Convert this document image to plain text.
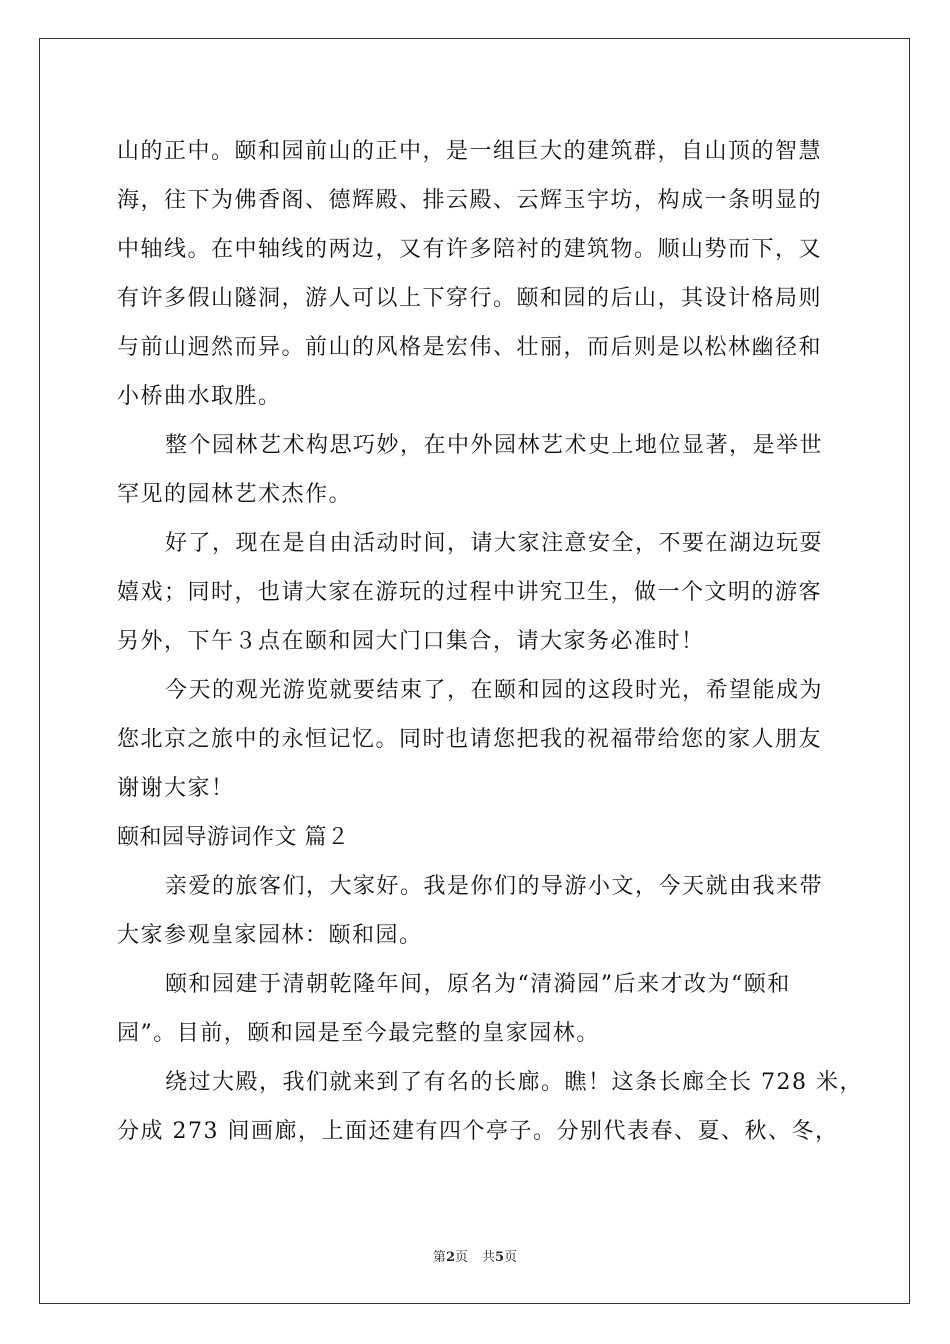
山的正中。颐和园前山的正中，是一组巨大的建筑群，自山顶的智慧
海，往下为佛香阁、德辉殿、排云殿、云辉玉宇坊，构成一条明显的
中轴线。在中轴线的两边，又有许多陪衬的建筑物。顺山势而下，又
有许多假山隧洞，游人可以上下穿行。颐和园的后山，其设计格局则
与前山迥然而异。前山的风格是宏伟、壮丽，而后则是以松林幽径和
小桥曲水取胜。
整个园林艺术构思巧妙，在中外园林艺术史上地位显著，是举世
罕见的园林艺术杰作。
好了，现在是自由活动时间，请大家注意安全，不要在湖边玩耍
嬉戏；同时，也请大家在游玩的过程中讲究卫生，做一个文明的游客
另外，下午３点在颐和园大门口集合，请大家务必准时！
今天的观光游览就要结束了，在颐和园的这段时光，希望能成为
您北京之旅中的永恒记忆。同时也请您把我的祝福带给您的家人朋友
谢谢大家！
颐和园导游词作文 篇２
亲爱的旅客们，大家好。我是你们的导游小文，今天就由我来带
大家参观皇家园林：颐和园。
颐和园建于清朝乾隆年间，原名为“清漪园”后来才改为“颐和
园”。目前，颐和园是至今最完整的皇家园林。
绕过大殿，我们就来到了有名的长廊。瞧！这条长廊全长 728 米，
分成 273 间画廊，上面还建有四个亭子。分别代表春、夏、秋、冬，
第2页 共5页
